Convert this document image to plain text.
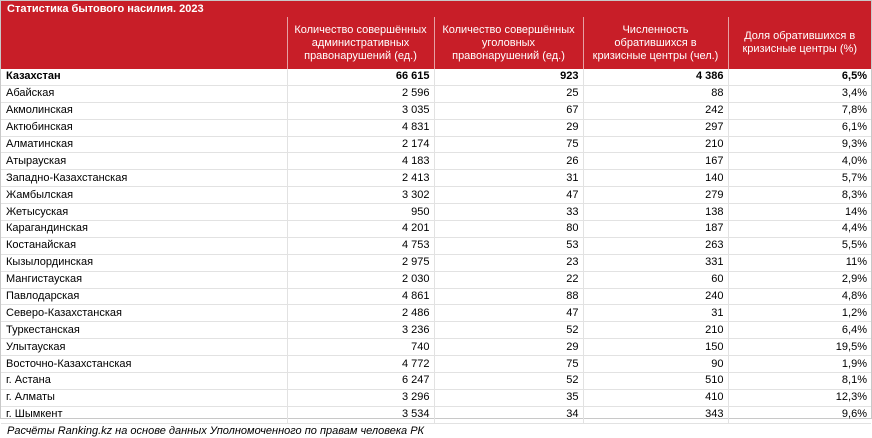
Статистика бытового насилия. 2023
	Количество совершённых административных правонарушений (ед.)	Количество совершённых уголовных правонарушений (ед.)	Численность обратившихся в кризисные центры (чел.)	Доля обратившихся в кризисные центры (%)
Казахстан	66 615	923	4 386	6,5%
Абайская	2 596	25	88	3,4%
Акмолинская	3 035	67	242	7,8%
Актюбинская	4 831	29	297	6,1%
Алматинская	2 174	75	210	9,3%
Атырауская	4 183	26	167	4,0%
Западно-Казахстанская	2 413	31	140	5,7%
Жамбылская	3 302	47	279	8,3%
Жетысуская	950	33	138	14%
Карагандинская	4 201	80	187	4,4%
Костанайская	4 753	53	263	5,5%
Кызылординская	2 975	23	331	11%
Мангистауская	2 030	22	60	2,9%
Павлодарская	4 861	88	240	4,8%
Северо-Казахстанская	2 486	47	31	1,2%
Туркестанская	3 236	52	210	6,4%
Улытауская	740	29	150	19,5%
Восточно-Казахстанская	4 772	75	90	1,9%
г. Астана	6 247	52	510	8,1%
г. Алматы	3 296	35	410	12,3%
г. Шымкент	3 534	34	343	9,6%
Расчёты Ranking.kz на основе данных Уполномоченного по правам человека РК
